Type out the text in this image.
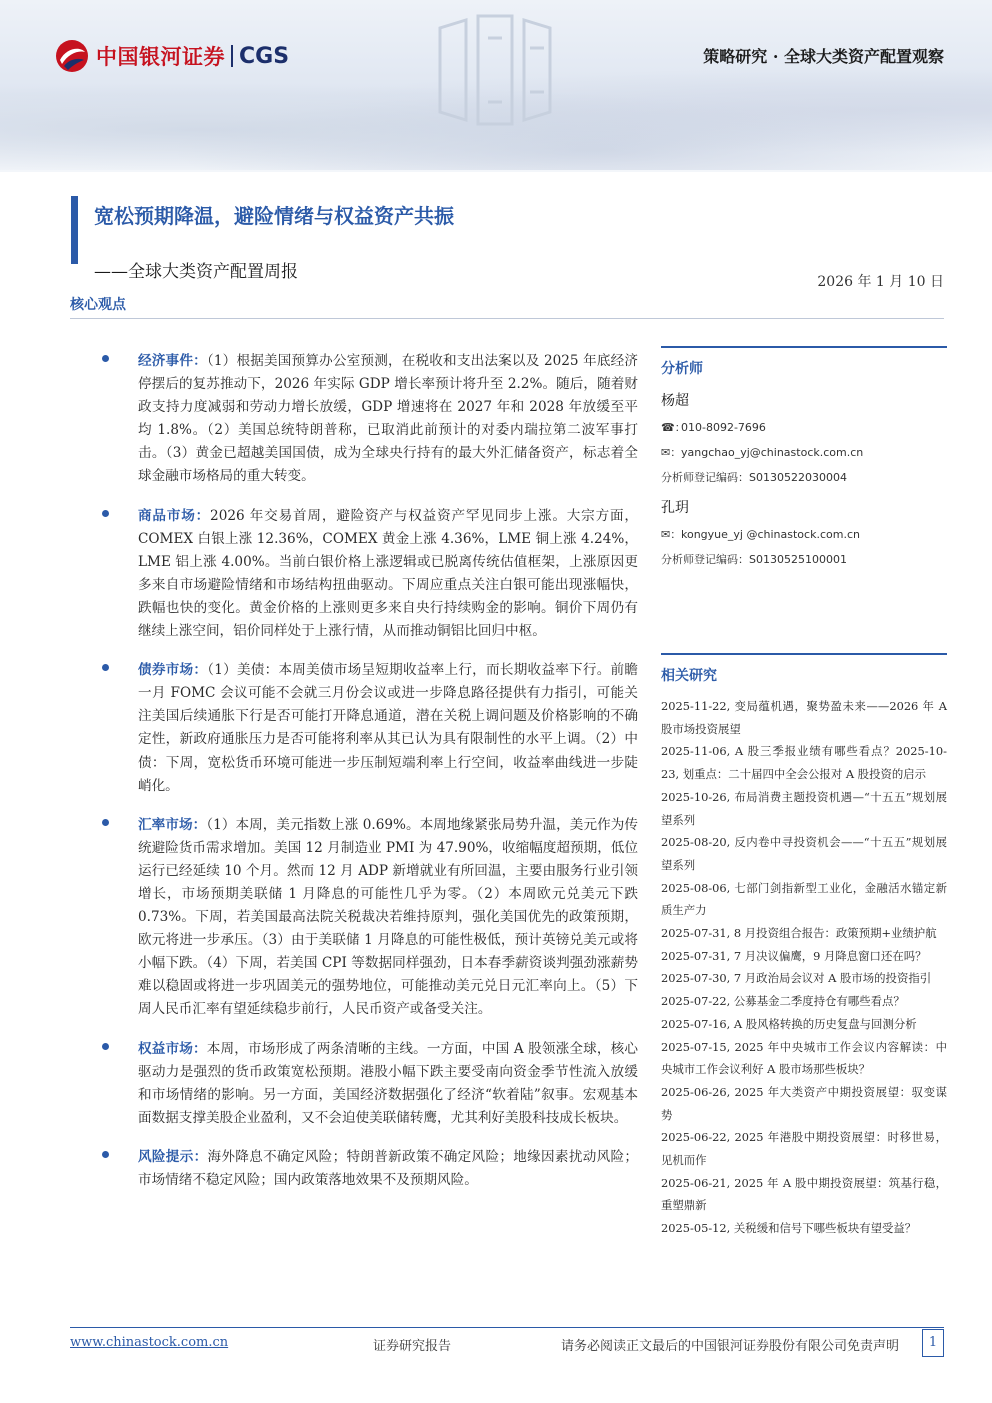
中国银河证券 CGS	策略研究 · 全球大类资产配置观察
宽松预期降温，避险情绪与权益资产共振
——全球大类资产配置周报	2026 年 1 月 10 日
核心观点
经济事件：（1）根据美国预算办公室预测，在税收和支出法案以及 2025 年底经济停摆后的复苏推动下，2026 年实际 GDP 增长率预计将升至 2.2%。随后，随着财政支持力度减弱和劳动力增长放缓，GDP 增速将在 2027 年和 2028 年放缓至平均 1.8%。（2）美国总统特朗普称，已取消此前预计的对委内瑞拉第二波军事打击。（3）黄金已超越美国国债，成为全球央行持有的最大外汇储备资产，标志着全球金融市场格局的重大转变。
商品市场：2026 年交易首周，避险资产与权益资产罕见同步上涨。大宗方面，COMEX 白银上涨 12.36%，COMEX 黄金上涨 4.36%，LME 铜上涨 4.24%，LME 铝上涨 4.00%。当前白银价格上涨逻辑或已脱离传统估值框架，上涨原因更多来自市场避险情绪和市场结构扭曲驱动。下周应重点关注白银可能出现涨幅快，跌幅也快的变化。黄金价格的上涨则更多来自央行持续购金的影响。铜价下周仍有继续上涨空间，铝价同样处于上涨行情，从而推动铜铝比回归中枢。
债券市场：（1）美债：本周美债市场呈短期收益率上行，而长期收益率下行。前瞻一月 FOMC 会议可能不会就三月份会议或进一步降息路径提供有力指引，可能关注美国后续通胀下行是否可能打开降息通道，潜在关税上调问题及价格影响的不确定性，新政府通胀压力是否可能将利率从其已认为具有限制性的水平上调。（2）中债：下周，宽松货币环境可能进一步压制短端利率上行空间，收益率曲线进一步陡峭化。
汇率市场：（1）本周，美元指数上涨 0.69%。本周地缘紧张局势升温，美元作为传统避险货币需求增加。美国 12 月制造业 PMI 为 47.90%，收缩幅度超预期，低位运行已经延续 10 个月。然而 12 月 ADP 新增就业有所回温，主要由服务行业引领增长，市场预期美联储 1 月降息的可能性几乎为零。（2）本周欧元兑美元下跌 0.73%。下周，若美国最高法院关税裁决若维持原判，强化美国优先的政策预期，欧元将进一步承压。（3）由于美联储 1 月降息的可能性极低，预计英镑兑美元或将小幅下跌。（4）下周，若美国 CPI 等数据同样强劲，日本春季薪资谈判强劲涨薪势难以稳固或将进一步巩固美元的强势地位，可能推动美元兑日元汇率向上。（5）下周人民币汇率有望延续稳步前行，人民币资产或备受关注。
权益市场：本周，市场形成了两条清晰的主线。一方面，中国 A 股领涨全球，核心驱动力是强烈的货币政策宽松预期。港股小幅下跌主要受南向资金季节性流入放缓和市场情绪的影响。另一方面，美国经济数据强化了经济“软着陆”叙事。宏观基本面数据支撑美股企业盈利，又不会迫使美联储转鹰，尤其利好美股科技成长板块。
风险提示：海外降息不确定风险；特朗普新政策不确定风险；地缘因素扰动风险；市场情绪不稳定风险；国内政策落地效果不及预期风险。
分析师
杨超
☎：
010-8092-7696
✉： yangchao_yj@chinastock.com.cn
分析师登记编码： S0130522030004
孔玥
✉： kongyue_yj @chinastock.com.cn
分析师登记编码： S0130525100001
相关研究
2025-11-22, 变局蕴机遇，聚势盈未来——2026 年 A 股市场投资展望
2025-11-06, A 股三季报业绩有哪些看点？2025-10-23, 划重点：二十届四中全会公报对 A 股投资的启示
2025-10-26, 布局消费主题投资机遇—“十五五”规划展望系列
2025-08-20, 反内卷中寻投资机会——“十五五”规划展望系列
2025-08-06, 七部门剑指新型工业化，金融活水锚定新质生产力
2025-07-31, 8 月投资组合报告：政策预期+业绩护航
2025-07-31, 7 月决议偏鹰，9 月降息窗口还在吗？
2025-07-30, 7 月政治局会议对 A 股市场的投资指引
2025-07-22, 公募基金二季度持仓有哪些看点？
2025-07-16, A 股风格转换的历史复盘与回测分析
2025-07-15, 2025 年中央城市工作会议内容解读：中央城市工作会议利好 A 股市场那些板块？
2025-06-26, 2025 年大类资产中期投资展望：驭变谋势
2025-06-22, 2025 年港股中期投资展望：时移世易，见机而作
2025-06-21, 2025 年 A 股中期投资展望：筑基行稳，重塑鼎新
2025-05-12, 关税缓和信号下哪些板块有望受益？
www.chinastock.com.cn	证券研究报告	请务必阅读正文最后的中国银河证券股份有限公司免责声明	1
